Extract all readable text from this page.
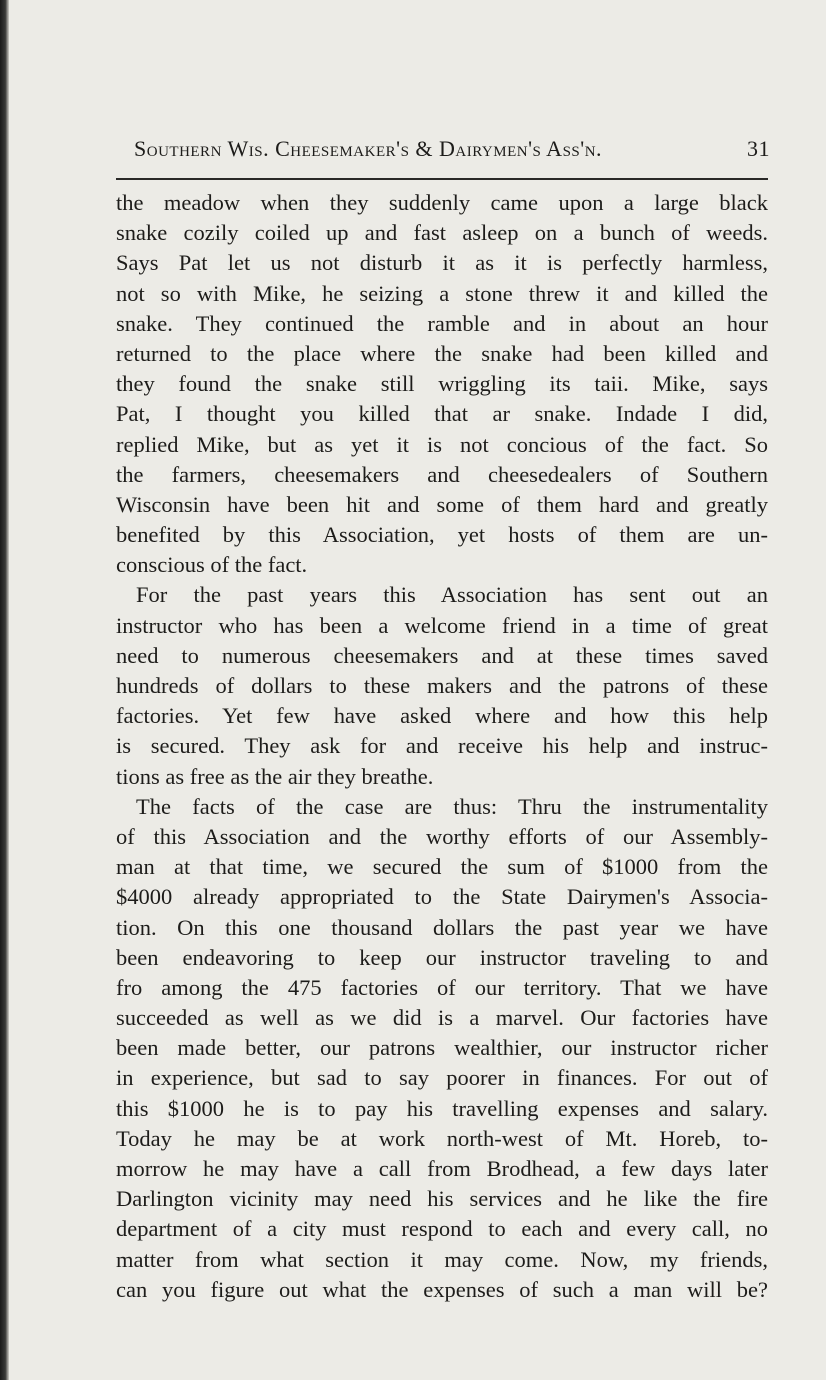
Southern Wis. Cheesemaker's & Dairymen's Ass'n.	31
the meadow when they suddenly came upon a large black
snake cozily coiled up and fast asleep on a bunch of weeds.
Says Pat let us not disturb it as it is perfectly harmless,
not so with Mike, he seizing a stone threw it and killed the
snake. They continued the ramble and in about an hour
returned to the place where the snake had been killed and
they found the snake still wriggling its taii. Mike, says
Pat, I thought you killed that ar snake. Indade I did,
replied Mike, but as yet it is not concious of the fact. So
the farmers, cheesemakers and cheesedealers of Southern
Wisconsin have been hit and some of them hard and greatly
benefited by this Association, yet hosts of them are un-
conscious of the fact.
For the past years this Association has sent out an
instructor who has been a welcome friend in a time of great
need to numerous cheesemakers and at these times saved
hundreds of dollars to these makers and the patrons of these
factories. Yet few have asked where and how this help
is secured. They ask for and receive his help and instruc-
tions as free as the air they breathe.
The facts of the case are thus: Thru the instrumentality
of this Association and the worthy efforts of our Assembly-
man at that time, we secured the sum of $1000 from the
$4000 already appropriated to the State Dairymen's Associa-
tion. On this one thousand dollars the past year we have
been endeavoring to keep our instructor traveling to and
fro among the 475 factories of our territory. That we have
succeeded as well as we did is a marvel. Our factories have
been made better, our patrons wealthier, our instructor richer
in experience, but sad to say poorer in finances. For out of
this $1000 he is to pay his travelling expenses and salary.
Today he may be at work north-west of Mt. Horeb, to-
morrow he may have a call from Brodhead, a few days later
Darlington vicinity may need his services and he like the fire
department of a city must respond to each and every call, no
matter from what section it may come. Now, my friends,
can you figure out what the expenses of such a man will be?
